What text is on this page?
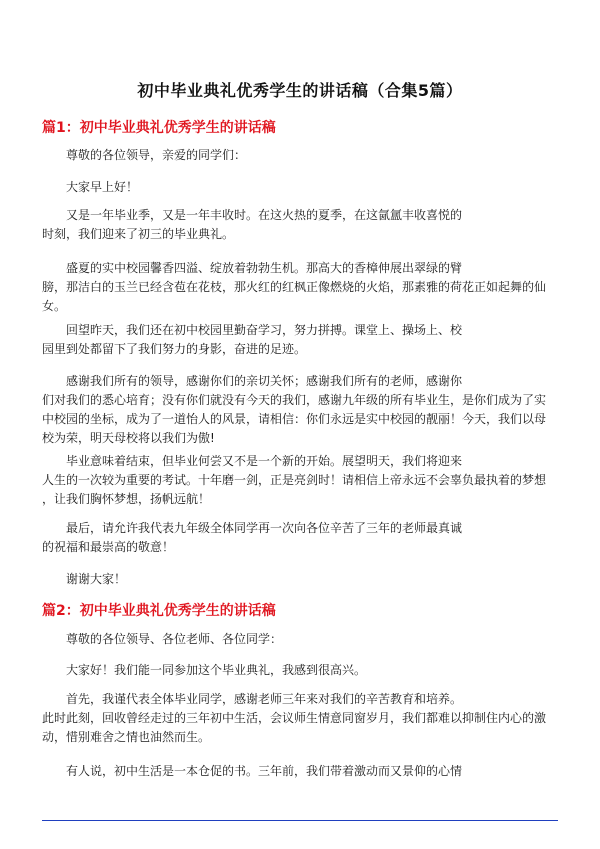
初中毕业典礼优秀学生的讲话稿（合集5篇）
篇1：初中毕业典礼优秀学生的讲话稿
尊敬的各位领导，亲爱的同学们：
大家早上好！
又是一年毕业季，又是一年丰收时。在这火热的夏季，在这氤氲丰收喜悦的
时刻，我们迎来了初三的毕业典礼。
盛夏的实中校园馨香四溢、绽放着勃勃生机。那高大的香樟伸展出翠绿的臂
膀，那洁白的玉兰已经含苞在花枝，那火红的红枫正像燃烧的火焰，那素雅的荷花正如起舞的仙
女。
回望昨天，我们还在初中校园里勤奋学习，努力拼搏。课堂上、操场上、校
园里到处都留下了我们努力的身影，奋进的足迹。
感谢我们所有的领导，感谢你们的亲切关怀；感谢我们所有的老师，感谢你
们对我们的悉心培育；没有你们就没有今天的我们，感谢九年级的所有毕业生，是你们成为了实
中校园的坐标，成为了一道怡人的风景，请相信：你们永远是实中校园的靓丽！今天，我们以母
校为荣，明天母校将以我们为傲!
毕业意味着结束，但毕业何尝又不是一个新的开始。展望明天，我们将迎来
人生的一次较为重要的考试。十年磨一剑，正是亮剑时！请相信上帝永远不会辜负最执着的梦想
，让我们胸怀梦想，扬帆远航！
最后，请允许我代表九年级全体同学再一次向各位辛苦了三年的老师最真诚
的祝福和最崇高的敬意！
谢谢大家！
篇2：初中毕业典礼优秀学生的讲话稿
尊敬的各位领导、各位老师、各位同学：
大家好！我们能一同参加这个毕业典礼，我感到很高兴。
首先，我谨代表全体毕业同学，感谢老师三年来对我们的辛苦教育和培养。
此时此刻，回收曾经走过的三年初中生活，会议师生情意同窗岁月，我们都难以抑制住内心的激
动，惜别难舍之情也油然而生。
有人说，初中生活是一本仓促的书。三年前，我们带着激动而又景仰的心情
